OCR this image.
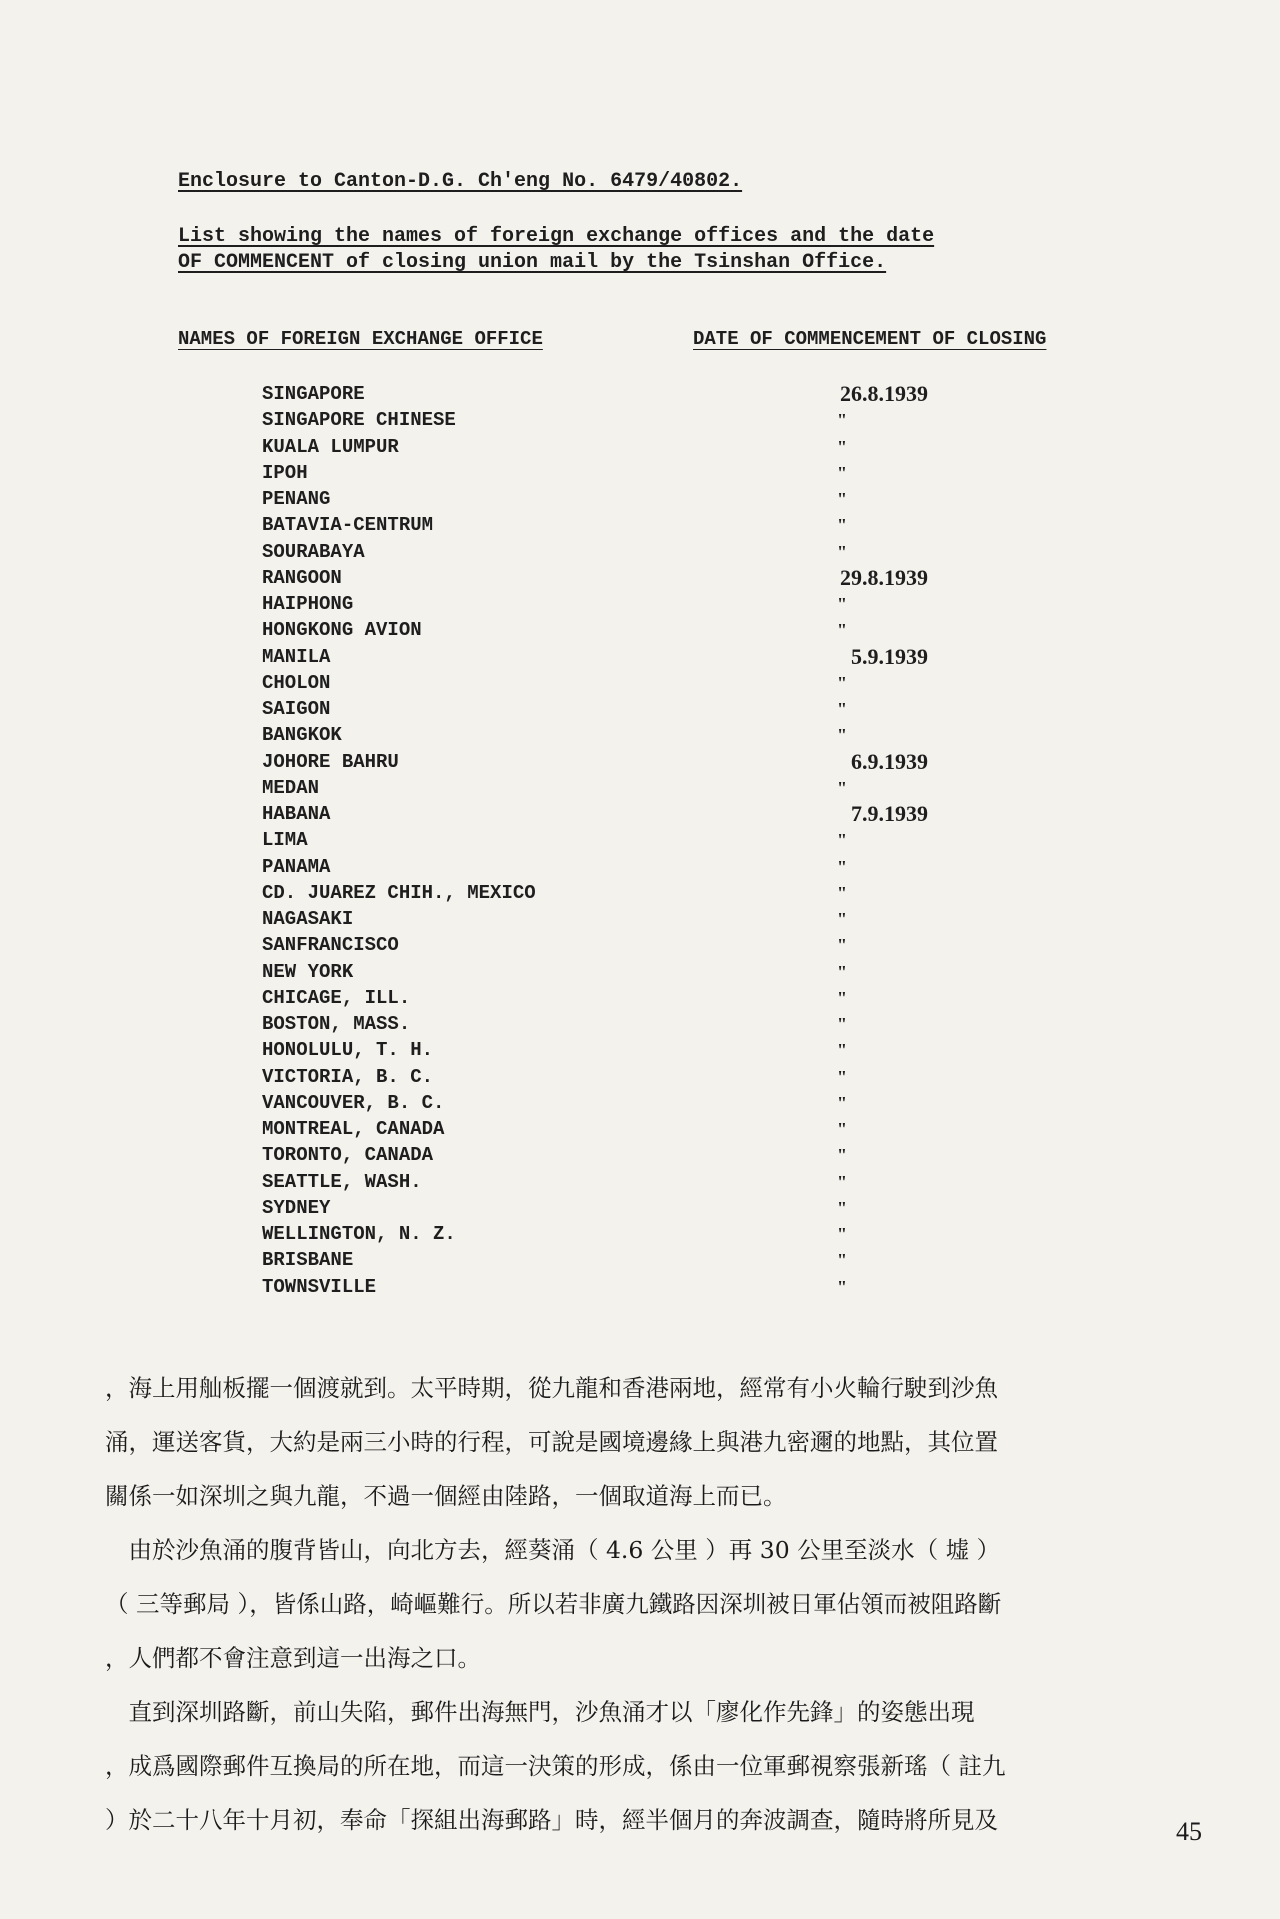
Enclosure to Canton-D.G. Ch'eng No. 6479/40802.
List showing the names of foreign exchange offices and the date
OF COMMENCENT of closing union mail by the Tsinshan Office.
NAMES OF FOREIGN EXCHANGE OFFICE	DATE OF COMMENCEMENT OF CLOSING
SINGAPORE	26.8.1939
SINGAPORE CHINESE	"
KUALA LUMPUR	"
IPOH	"
PENANG	"
BATAVIA-CENTRUM	"
SOURABAYA	"
RANGOON	29.8.1939
HAIPHONG	"
HONGKONG AVION	"
MANILA	5.9.1939
CHOLON	"
SAIGON	"
BANGKOK	"
JOHORE BAHRU	6.9.1939
MEDAN	"
HABANA	7.9.1939
LIMA	"
PANAMA	"
CD. JUAREZ CHIH., MEXICO	"
NAGASAKI	"
SANFRANCISCO	"
NEW YORK	"
CHICAGE, ILL.	"
BOSTON, MASS.	"
HONOLULU, T. H.	"
VICTORIA, B. C.	"
VANCOUVER, B. C.	"
MONTREAL, CANADA	"
TORONTO, CANADA	"
SEATTLE, WASH.	"
SYDNEY	"
WELLINGTON, N. Z.	"
BRISBANE	"
TOWNSVILLE	"

，海上用舢板擺一個渡就到。太平時期，從九龍和香港兩地，經常有小火輪行駛到沙魚

涌，運送客貨，大約是兩三小時的行程，可說是國境邊緣上與港九密邇的地點，其位置

關係一如深圳之與九龍，不過一個經由陸路，一個取道海上而已。

　由於沙魚涌的腹背皆山，向北方去，經葵涌（ 4.6 公里 ）再 30 公里至淡水（ 墟 ）

（ 三等郵局 ），皆係山路，崎嶇難行。所以若非廣九鐵路因深圳被日軍佔領而被阻路斷

，人們都不會注意到這一出海之口。

　直到深圳路斷，前山失陷，郵件出海無門，沙魚涌才以「廖化作先鋒」的姿態出現

，成爲國際郵件互換局的所在地，而這一決策的形成，係由一位軍郵視察張新瑤（ 註九

）於二十八年十月初，奉命「探組出海郵路」時，經半個月的奔波調查，隨時將所見及	45
